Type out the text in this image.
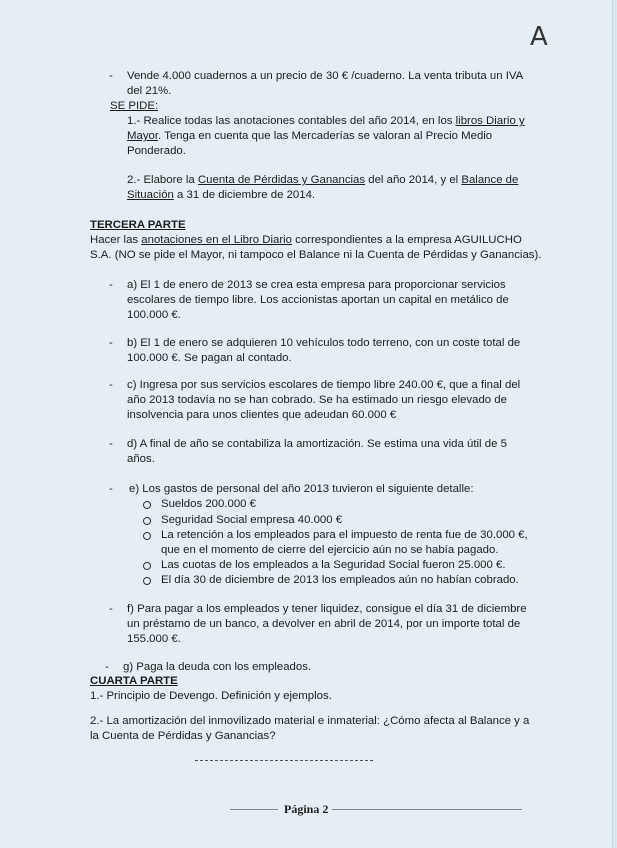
A
- Vende 4.000 cuadernos a un precio de 30 € /cuaderno. La venta tributa un IVA
del 21%.
SE PIDE:
1.- Realice todas las anotaciones contables del año 2014, en los libros Diario y
Mayor. Tenga en cuenta que las Mercaderías se valoran al Precio Medio
Ponderado.
2.- Elabore la Cuenta de Pérdidas y Ganancias del año 2014, y el Balance de
Situación a 31 de diciembre de 2014.
TERCERA PARTE
Hacer las anotaciones en el Libro Diario correspondientes a la empresa AGUILUCHO
S.A. (NO se pide el Mayor, ni tampoco el Balance ni la Cuenta de Pérdidas y Ganancias).
- a) El 1 de enero de 2013 se crea esta empresa para proporcionar servicios
escolares de tiempo libre. Los accionistas aportan un capital en metálico de
100.000 €.
- b) El 1 de enero se adquieren 10 vehículos todo terreno, con un coste total de
100.000 €. Se pagan al contado.
- c) Ingresa por sus servicios escolares de tiempo libre 240.00 €, que a final del
año 2013 todavía no se han cobrado. Se ha estimado un riesgo elevado de
insolvencia para unos clientes que adeudan 60.000 €
- d) A final de año se contabiliza la amortización. Se estima una vida útil de 5
años.
- e) Los gastos de personal del año 2013 tuvieron el siguiente detalle:
Sueldos 200.000 €
Seguridad Social empresa 40.000 €
La retención a los empleados para el impuesto de renta fue de 30.000 €,
que en el momento de cierre del ejercicio aún no se había pagado.
Las cuotas de los empleados a la Seguridad Social fueron 25.000 €.
El día 30 de diciembre de 2013 los empleados aún no habían cobrado.
- f) Para pagar a los empleados y tener liquidez, consigue el día 31 de diciembre
un préstamo de un banco, a devolver en abril de 2014, por un importe total de
155.000 €.
- g) Paga la deuda con los empleados.
CUARTA PARTE
1.- Principio de Devengo. Definición y ejemplos.
2.- La amortización del inmovilizado material e inmaterial: ¿Cómo afecta al Balance y a
la Cuenta de Pérdidas y Ganancias?
Página 2
